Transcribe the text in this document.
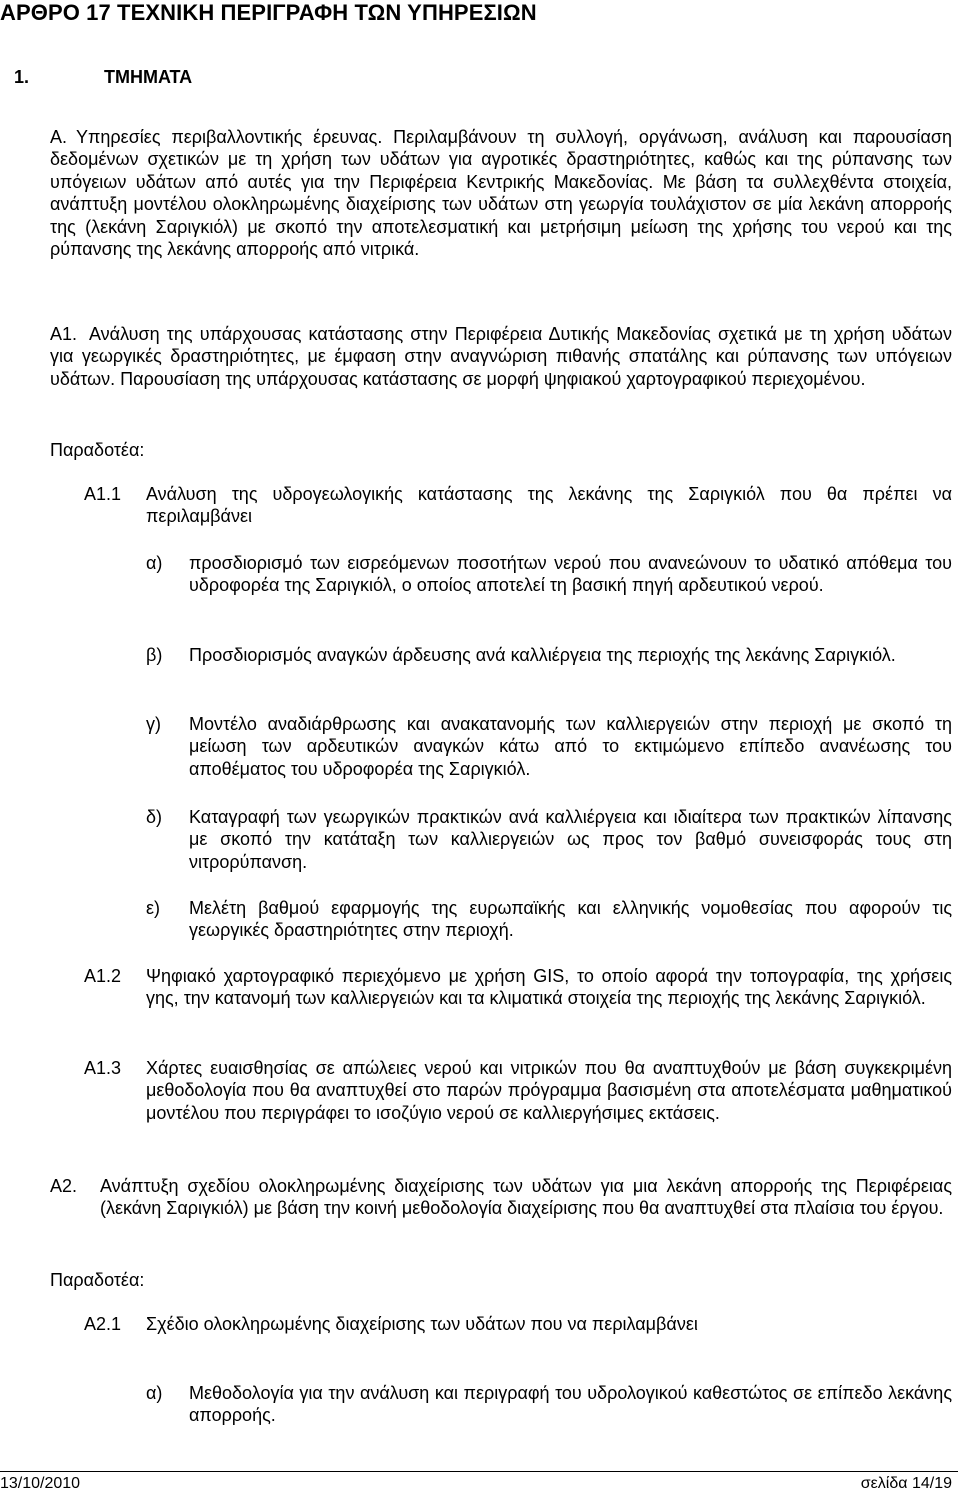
ΑΡΘΡΟ 17 ΤΕΧΝΙΚΗ ΠΕΡΙΓΡΑΦΗ ΤΩΝ ΥΠΗΡΕΣΙΩΝ
1.	ΤΜΗΜΑΤΑ
Α. Υπηρεσίες περιβαλλοντικής έρευνας. Περιλαμβάνουν τη συλλογή, οργάνωση, ανάλυση και παρουσίαση δεδομένων σχετικών με τη χρήση των υδάτων για αγροτικές δραστηριότητες, καθώς και της ρύπανσης των υπόγειων υδάτων από αυτές για την Περιφέρεια Κεντρικής Μακεδονίας. Με βάση τα συλλεχθέντα στοιχεία, ανάπτυξη μοντέλου ολοκληρωμένης διαχείρισης των υδάτων στη γεωργία τουλάχιστον σε μία λεκάνη απορροής της (λεκάνη Σαριγκιόλ) με σκοπό την αποτελεσματική και μετρήσιμη μείωση της χρήσης του νερού και της ρύπανσης της λεκάνης απορροής από νιτρικά.
Α1. Ανάλυση της υπάρχουσας κατάστασης στην Περιφέρεια Δυτικής Μακεδονίας σχετικά με τη χρήση υδάτων για γεωργικές δραστηριότητες, με έμφαση στην αναγνώριση πιθανής σπατάλης και ρύπανσης των υπόγειων υδάτων. Παρουσίαση της υπάρχουσας κατάστασης σε μορφή ψηφιακού χαρτογραφικού περιεχομένου.
Παραδοτέα:
Α1.1 Ανάλυση της υδρογεωλογικής κατάστασης της λεκάνης της Σαριγκιόλ που θα πρέπει να περιλαμβάνει
α) προσδιορισμό των εισρεόμενων ποσοτήτων νερού που ανανεώνουν το υδατικό απόθεμα του υδροφορέα της Σαριγκιόλ, ο οποίος αποτελεί τη βασική πηγή αρδευτικού νερού.
β) Προσδιορισμός αναγκών άρδευσης ανά καλλιέργεια της περιοχής της λεκάνης Σαριγκιόλ.
γ) Μοντέλο αναδιάρθρωσης και ανακατανομής των καλλιεργειών στην περιοχή με σκοπό τη μείωση των αρδευτικών αναγκών κάτω από το εκτιμώμενο επίπεδο ανανέωσης του αποθέματος του υδροφορέα της Σαριγκιόλ.
δ) Καταγραφή των γεωργικών πρακτικών ανά καλλιέργεια και ιδιαίτερα των πρακτικών λίπανσης με σκοπό την κατάταξη των καλλιεργειών ως προς τον βαθμό συνεισφοράς τους στη νιτρορύπανση.
ε) Μελέτη βαθμού εφαρμογής της ευρωπαϊκής και ελληνικής νομοθεσίας που αφορούν τις γεωργικές δραστηριότητες στην περιοχή.
Α1.2 Ψηφιακό χαρτογραφικό περιεχόμενο με χρήση GIS, το οποίο αφορά την τοπογραφία, της χρήσεις γης, την κατανομή των καλλιεργειών και τα κλιματικά στοιχεία της περιοχής της λεκάνης Σαριγκιόλ.
Α1.3 Χάρτες ευαισθησίας σε απώλειες νερού και νιτρικών που θα αναπτυχθούν με βάση συγκεκριμένη μεθοδολογία που θα αναπτυχθεί στο παρών πρόγραμμα βασισμένη στα αποτελέσματα μαθηματικού μοντέλου που περιγράφει το ισοζύγιο νερού σε καλλιεργήσιμες εκτάσεις.
Α2. Ανάπτυξη σχεδίου ολοκληρωμένης διαχείρισης των υδάτων για μια λεκάνη απορροής της Περιφέρειας (λεκάνη Σαριγκιόλ) με βάση την κοινή μεθοδολογία διαχείρισης που θα αναπτυχθεί στα πλαίσια του έργου.
Παραδοτέα:
Α2.1 Σχέδιο ολοκληρωμένης διαχείρισης των υδάτων που να περιλαμβάνει
α) Μεθοδολογία για την ανάλυση και περιγραφή του υδρολογικού καθεστώτος σε επίπεδο λεκάνης απορροής.
13/10/2010	σελίδα 14/19
